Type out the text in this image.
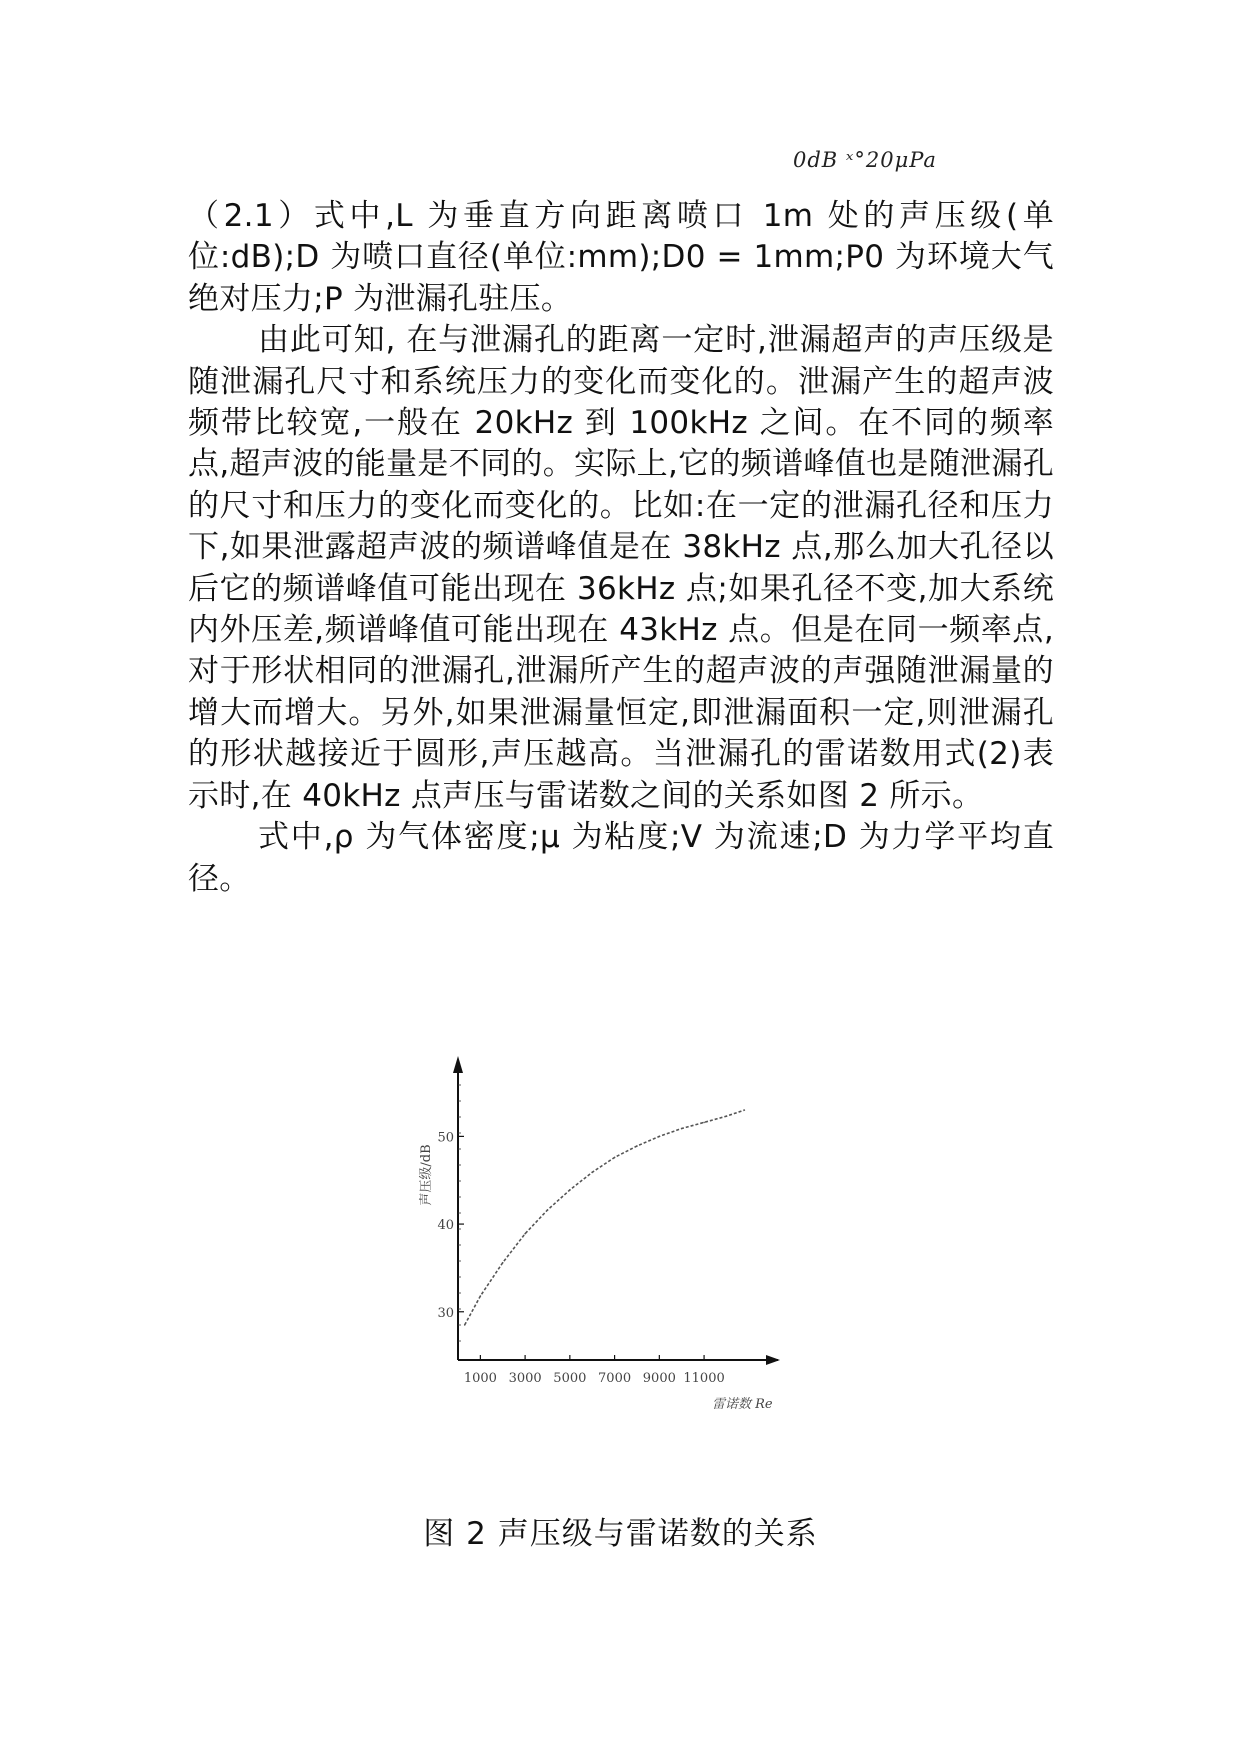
0dB ˣ°20μPa

（2.1）式中,L 为垂直方向距离喷口 1m 处的声压级(单位:dB);D 为喷口直径(单位:mm);D0 = 1mm;P0 为环境大气绝对压力;P 为泄漏孔驻压。

由此可知, 在与泄漏孔的距离一定时,泄漏超声的声压级是随泄漏孔尺寸和系统压力的变化而变化的。泄漏产生的超声波频带比较宽,一般在 20kHz 到 100kHz 之间。在不同的频率点,超声波的能量是不同的。实际上,它的频谱峰值也是随泄漏孔的尺寸和压力的变化而变化的。比如:在一定的泄漏孔径和压力下,如果泄露超声波的频谱峰值是在 38kHz 点,那么加大孔径以后它的频谱峰值可能出现在 36kHz 点;如果孔径不变,加大系统内外压差,频谱峰值可能出现在 43kHz 点。但是在同一频率点,对于形状相同的泄漏孔,泄漏所产生的超声波的声强随泄漏量的增大而增大。另外,如果泄漏量恒定,即泄漏面积一定,则泄漏孔的形状越接近于圆形,声压越高。当泄漏孔的雷诺数用式(2)表示时,在 40kHz 点声压与雷诺数之间的关系如图 2 所示。

式中,ρ 为气体密度;μ 为粘度;V 为流速;D 为力学平均直径。

声压级/dB
30
40
50
1000 3000 5000 7000 9000 11000
雷诺数 Re
图 2 声压级与雷诺数的关系
